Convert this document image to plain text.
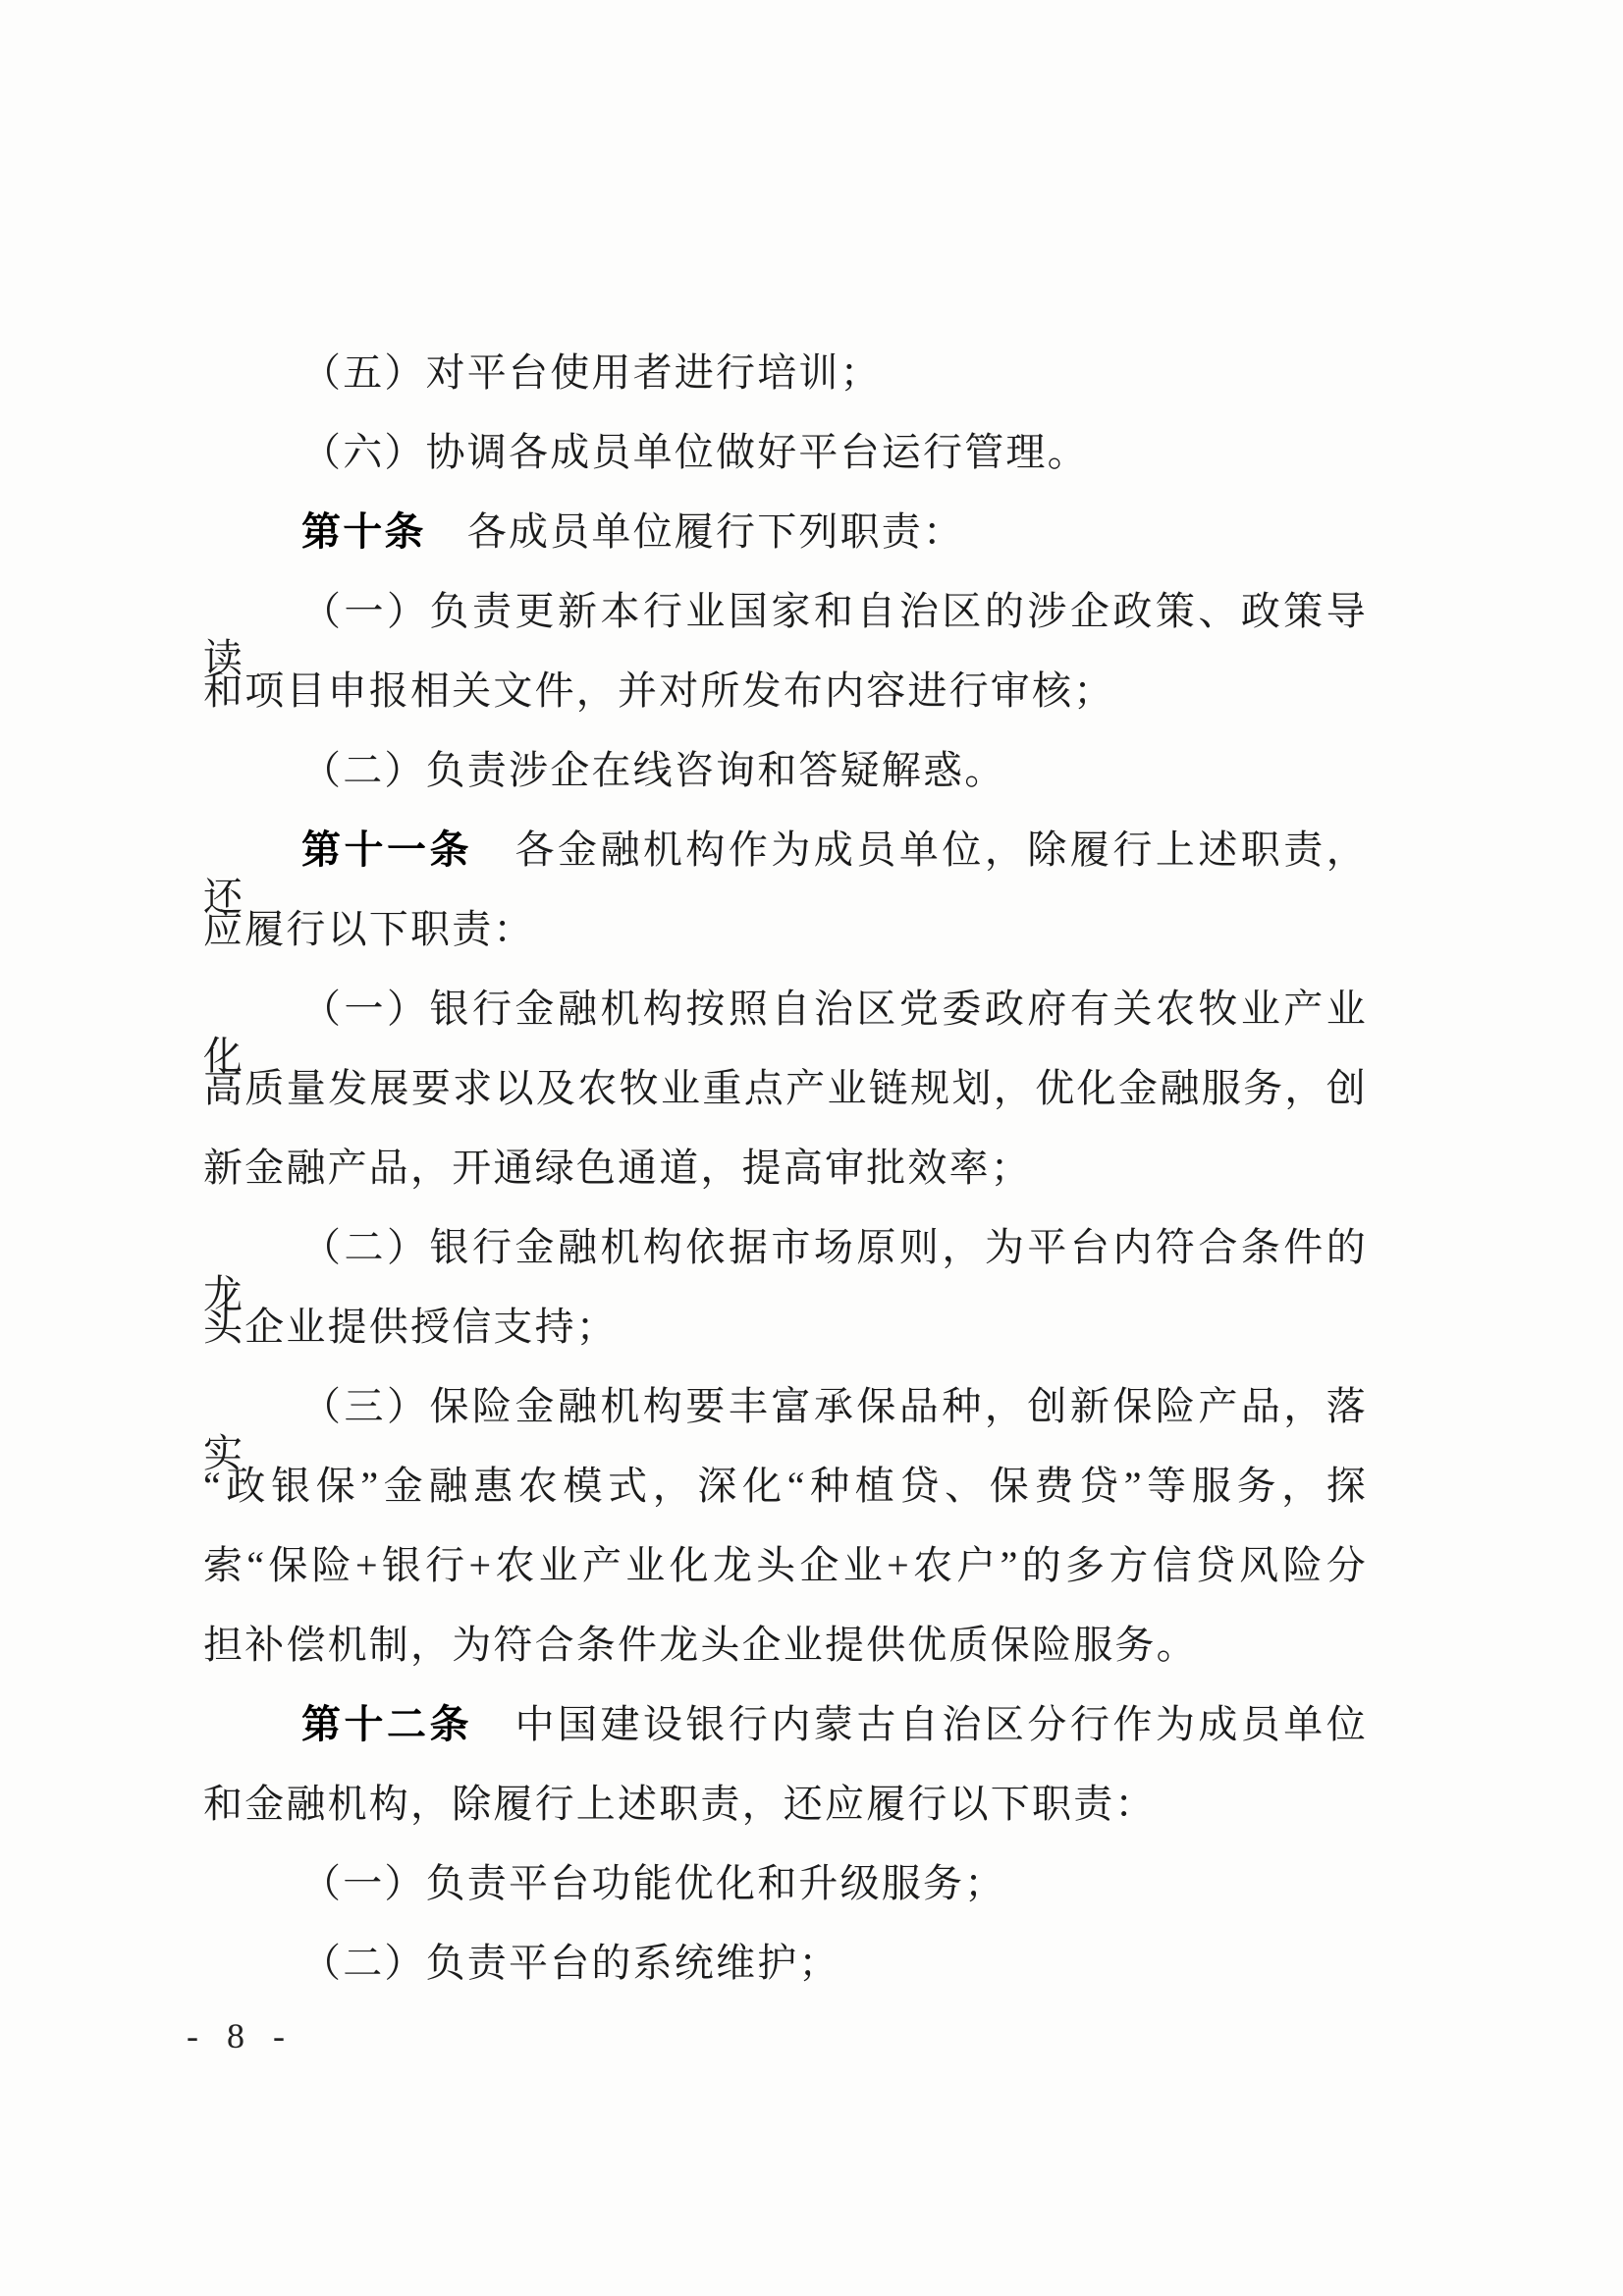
（五）对平台使用者进行培训；
（六）协调各成员单位做好平台运行管理。
第十条　各成员单位履行下列职责：
（一）负责更新本行业国家和自治区的涉企政策、政策导读
和项目申报相关文件，并对所发布内容进行审核；
（二）负责涉企在线咨询和答疑解惑。
第十一条　各金融机构作为成员单位，除履行上述职责，还
应履行以下职责：
（一）银行金融机构按照自治区党委政府有关农牧业产业化
高质量发展要求以及农牧业重点产业链规划，优化金融服务，创
新金融产品，开通绿色通道，提高审批效率；
（二）银行金融机构依据市场原则，为平台内符合条件的龙
头企业提供授信支持；
（三）保险金融机构要丰富承保品种，创新保险产品，落实
“政银保”金融惠农模式，深化“种植贷、保费贷”等服务，探
索“保险+银行+农业产业化龙头企业+农户”的多方信贷风险分
担补偿机制，为符合条件龙头企业提供优质保险服务。
第十二条　中国建设银行内蒙古自治区分行作为成员单位
和金融机构，除履行上述职责，还应履行以下职责：
（一）负责平台功能优化和升级服务；
（二）负责平台的系统维护；
- 8 -
